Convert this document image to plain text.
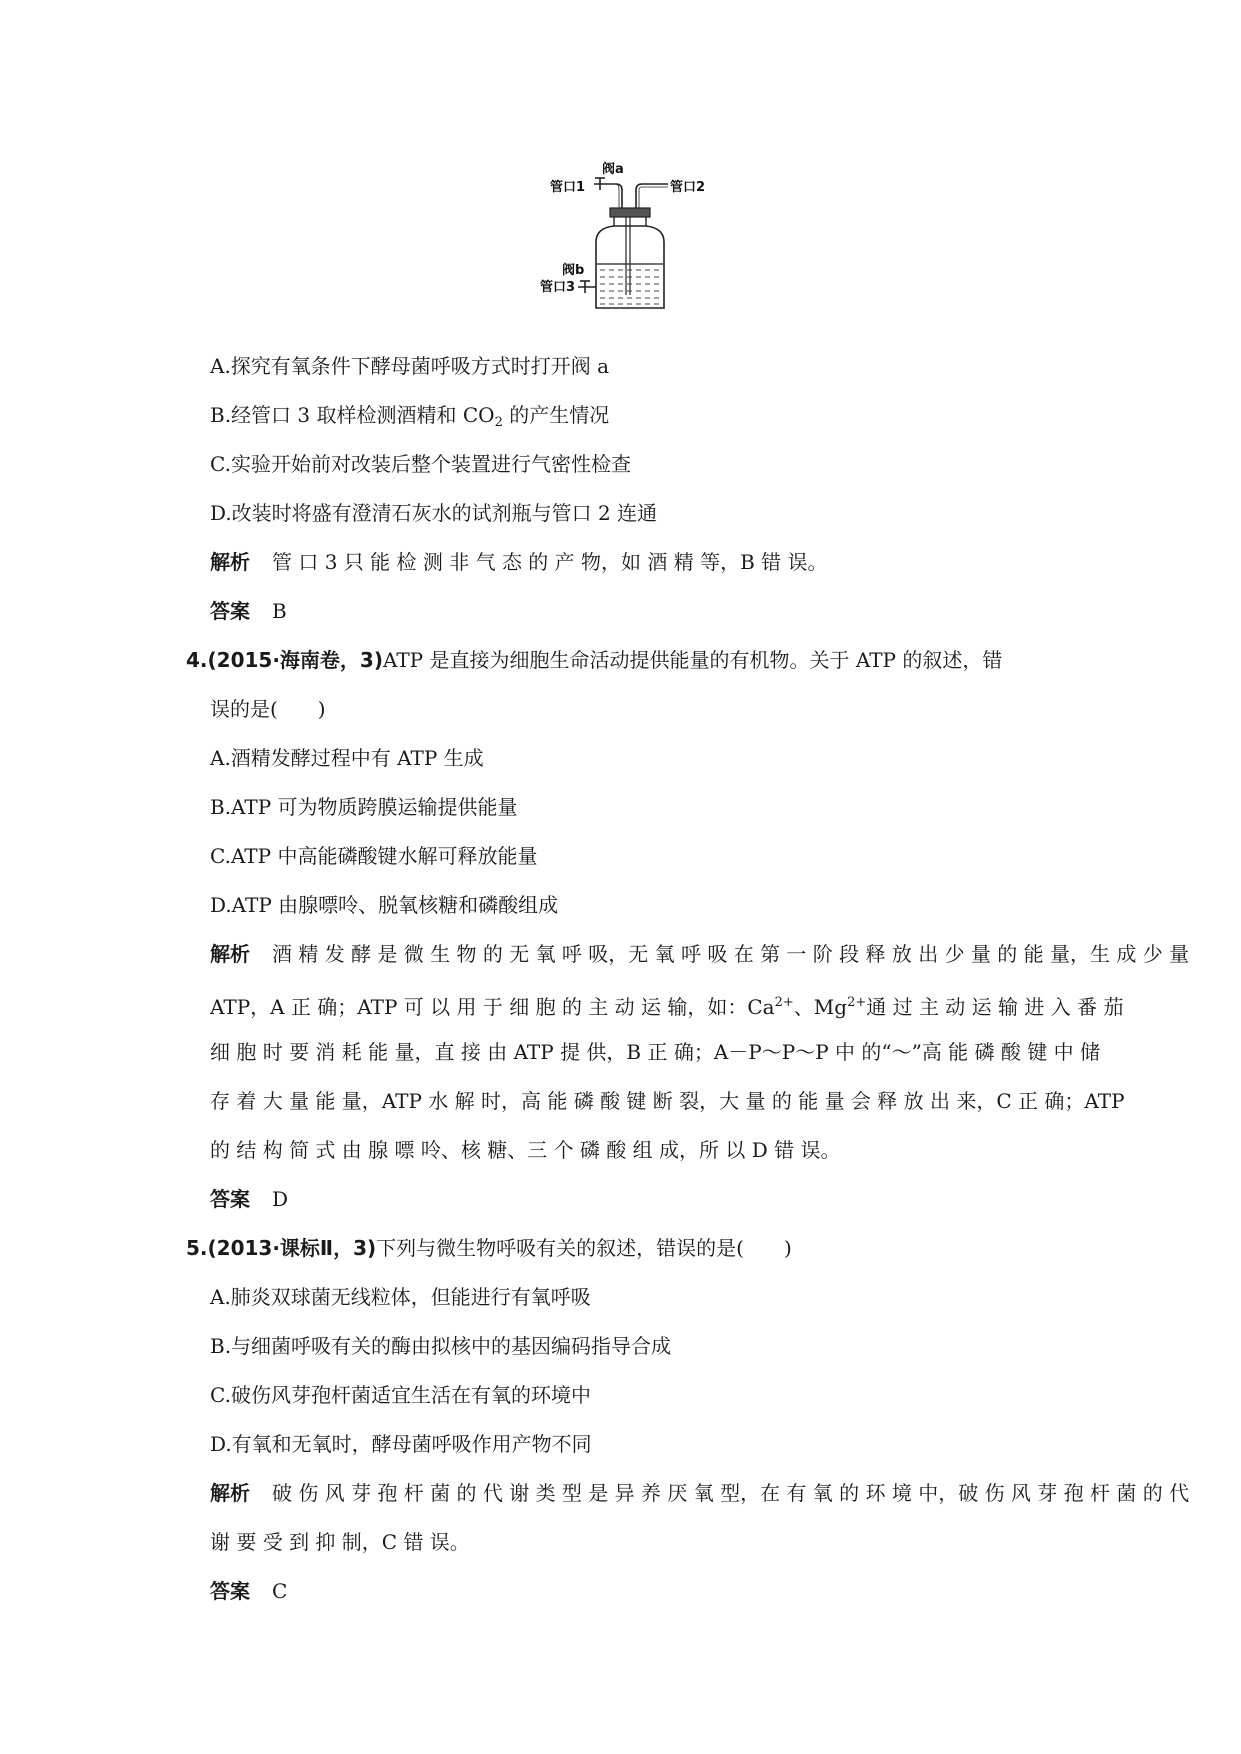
阀a
管口1	管口2
阀b
管口3
A.探究有氧条件下酵母菌呼吸方式时打开阀 a
B.经管口 3 取样检测酒精和 $CO_2$ 的产生情况
C.实验开始前对改装后整个装置进行气密性检查
D.改装时将盛有澄清石灰水的试剂瓶与管口 2 连通
解析 管 口 3 只 能 检 测 非 气 态 的 产 物，如 酒 精 等，B 错 误。
答案 B
4.(2015·海南卷，3)ATP 是直接为细胞生命活动提供能量的有机物。关于 ATP 的叙述，错
误的是(　　)
A.酒精发酵过程中有 ATP 生成
B.ATP 可为物质跨膜运输提供能量
C.ATP 中高能磷酸键水解可释放能量
D.ATP 由腺嘌呤、脱氧核糖和磷酸组成
解析 酒 精 发 酵 是 微 生 物 的 无 氧 呼 吸，无 氧 呼 吸 在 第 一 阶 段 释 放 出 少 量 的 能 量，生 成 少 量
ATP，A 正 确；ATP 可 以 用 于 细 胞 的 主 动 运 输，如：$Ca^{2+}$、$Mg^{2+}$通 过 主 动 运 输 进 入 番 茄
细 胞 时 要 消 耗 能 量，直 接 由 ATP 提 供，B 正 确；A－P～P～P 中 的“～”高 能 磷 酸 键 中 储
存 着 大 量 能 量，ATP 水 解 时，高 能 磷 酸 键 断 裂，大 量 的 能 量 会 释 放 出 来，C 正 确；ATP
的 结 构 简 式 由 腺 嘌 呤、核 糖、三 个 磷 酸 组 成，所 以 D 错 误。
答案 D
5.(2013·课标Ⅱ，3)下列与微生物呼吸有关的叙述，错误的是(　　)
A.肺炎双球菌无线粒体，但能进行有氧呼吸
B.与细菌呼吸有关的酶由拟核中的基因编码指导合成
C.破伤风芽孢杆菌适宜生活在有氧的环境中
D.有氧和无氧时，酵母菌呼吸作用产物不同
解析 破 伤 风 芽 孢 杆 菌 的 代 谢 类 型 是 异 养 厌 氧 型，在 有 氧 的 环 境 中，破 伤 风 芽 孢 杆 菌 的 代
谢 要 受 到 抑 制，C 错 误。
答案 C
